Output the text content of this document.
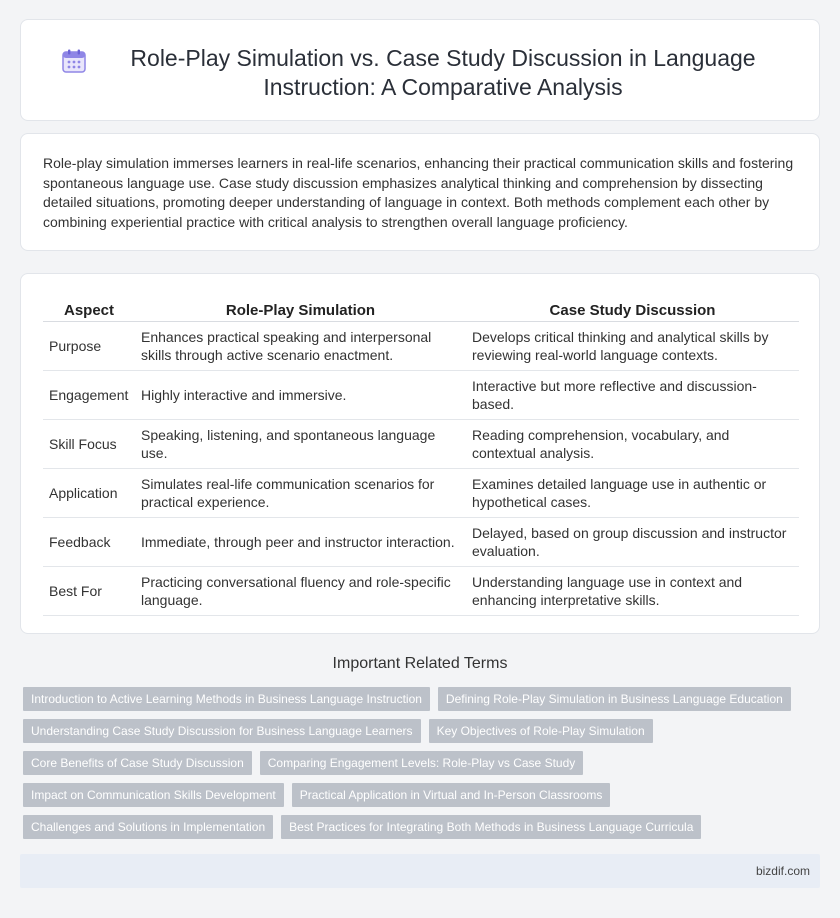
Role-Play Simulation vs. Case Study Discussion in Language Instruction: A Comparative Analysis

Role-play simulation immerses learners in real-life scenarios, enhancing their practical communication skills and fostering spontaneous language use. Case study discussion emphasizes analytical thinking and comprehension by dissecting detailed situations, promoting deeper understanding of language in context. Both methods complement each other by combining experiential practice with critical analysis to strengthen overall language proficiency.

Aspect	Role-Play Simulation	Case Study Discussion
Purpose	Enhances practical speaking and interpersonal skills through active scenario enactment.	Develops critical thinking and analytical skills by reviewing real-world language contexts.
Engagement	Highly interactive and immersive.	Interactive but more reflective and discussion-based.
Skill Focus	Speaking, listening, and spontaneous language use.	Reading comprehension, vocabulary, and contextual analysis.
Application	Simulates real-life communication scenarios for practical experience.	Examines detailed language use in authentic or hypothetical cases.
Feedback	Immediate, through peer and instructor interaction.	Delayed, based on group discussion and instructor evaluation.
Best For	Practicing conversational fluency and role-specific language.	Understanding language use in context and enhancing interpretative skills.
Important Related Terms
Introduction to Active Learning Methods in Business Language Instruction	Defining Role-Play Simulation in Business Language Education
Understanding Case Study Discussion for Business Language Learners	Key Objectives of Role-Play Simulation
Core Benefits of Case Study Discussion	Comparing Engagement Levels: Role-Play vs Case Study
Impact on Communication Skills Development	Practical Application in Virtual and In-Person Classrooms
Challenges and Solutions in Implementation	Best Practices for Integrating Both Methods in Business Language Curricula
bizdif.com
